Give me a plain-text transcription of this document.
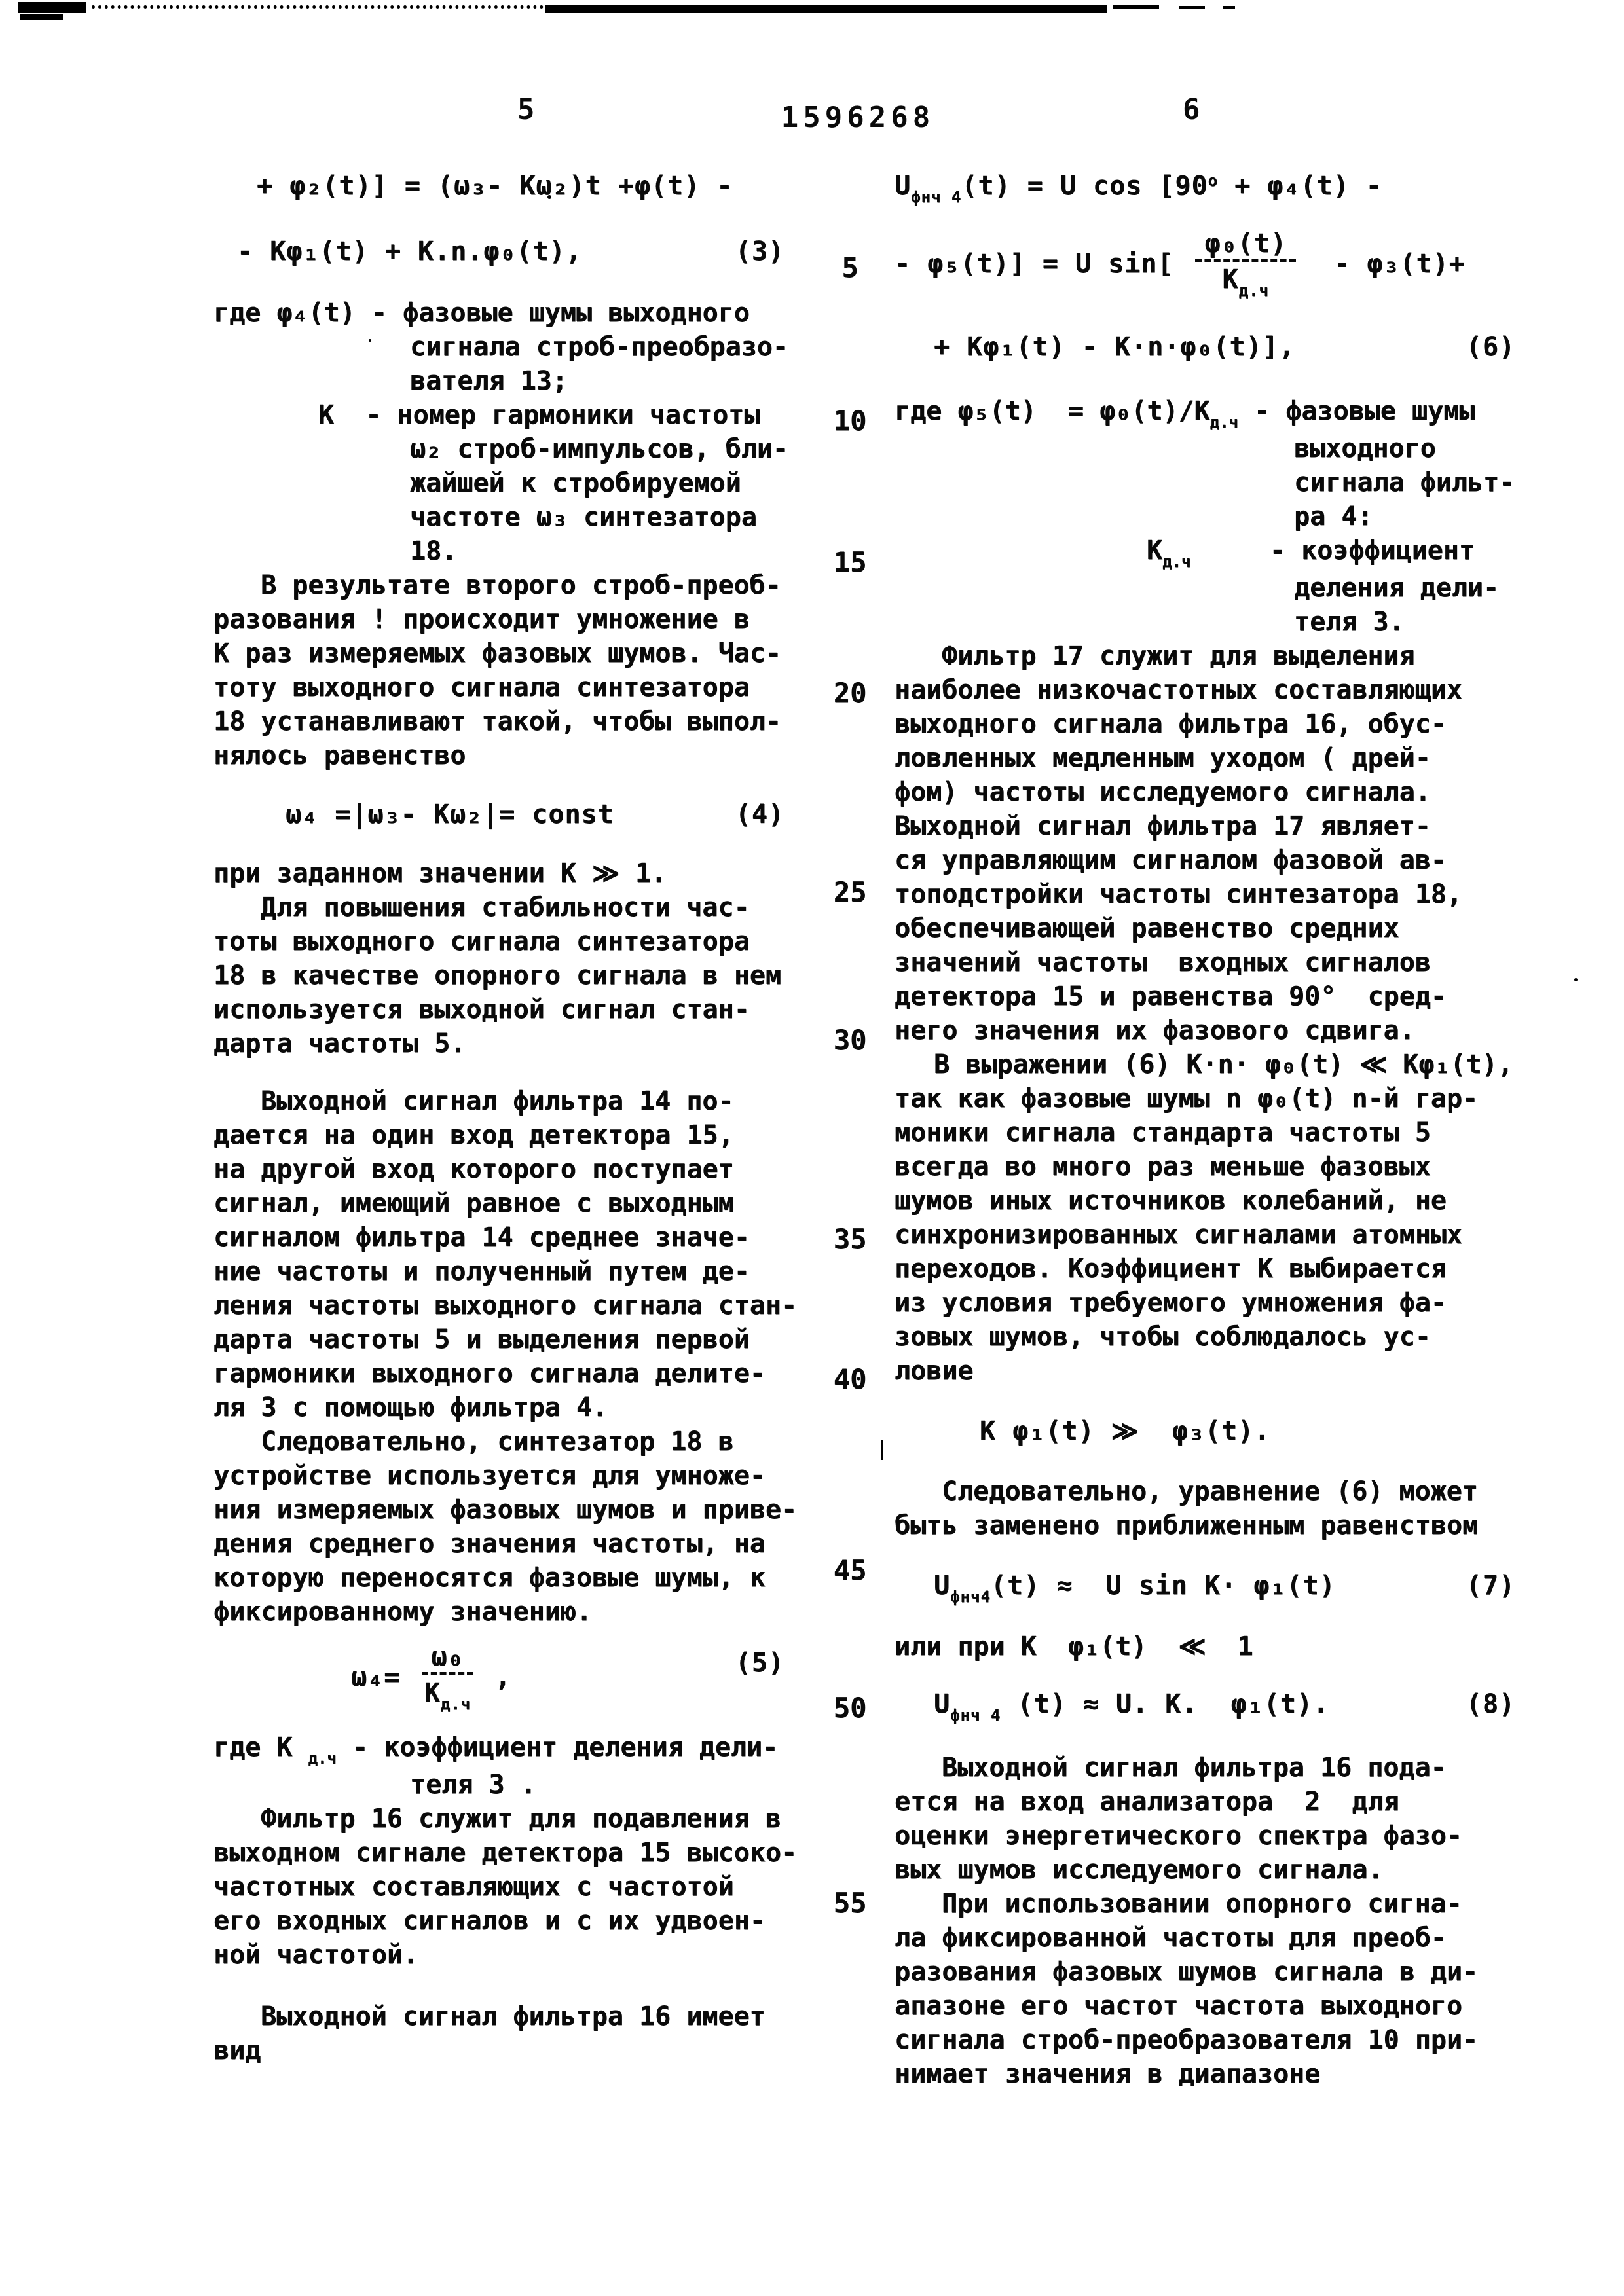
5	1596268	6
5
10
15
20
25
30
35
40
45
50
55
+ φ₂(t)] = (ω₃- Кω₂)t +φ(t) -
- Кφ₁(t) + К.n.φ₀(t),	(3)
где φ₄(t) - фазовые шумы выходного
сигнала строб-преобразо-
вателя 13;
К  - номер гармоники частоты
ω₂ строб-импульсов, бли-
жайшей к стробируемой
частоте ω₃ синтезатора
18.
В результате второго строб-преоб-
разования ! происходит умножение в
К раз измеряемых фазовых шумов. Час-
тоту выходного сигнала синтезатора
18 устанавливают такой, чтобы выпол-
нялось равенство
ω₄ =|ω₃- Кω₂|= const	(4)
при заданном значении К ≫ 1.
Для повышения стабильности час-
тоты выходного сигнала синтезатора
18 в качестве опорного сигнала в нем
используется выходной сигнал стан-
дарта частоты 5.
Выходной сигнал фильтра 14 по-
дается на один вход детектора 15,
на другой вход которого поступает
сигнал, имеющий равное с выходным
сигналом фильтра 14 среднее значе-
ние частоты и полученный путем де-
ления частоты выходного сигнала стан-
дарта частоты 5 и выделения первой
гармоники выходного сигнала делите-
ля 3 с помощью фильтра 4.
Следовательно, синтезатор 18 в
устройстве используется для умноже-
ния измеряемых фазовых шумов и приве-
дения среднего значения частоты, на
которую переносятся фазовые шумы, к
фиксированному значению.
$\omega_4= \frac{\text{ω₀}}{К_{д.ч}}$ ,	(5)
где К $_{д.ч}$ - коэффициент деления дели-
теля 3 .
Фильтр 16 служит для подавления в
выходном сигнале детектора 15 высоко-
частотных составляющих с частотой
его входных сигналов и с их удвоен-
ной частотой.
Выходной сигнал фильтра 16 имеет
вид
$U_{фнч 4}(t) = U$ $\cos [90^о + \varphi_4(t)$ -
- φ₅(t)] = U $\sin[ \frac{\text{φ₀(t)}}{К_{д.ч}} - \varphi_3(t)+$
+ Кφ₁(t) - К·n·φ₀(t)],	(6)
где $\varphi_5(t) = \varphi_0(t)/К_{д.ч}$ - фазовые шумы
выходного
сигнала фильт-
ра 4:
$К_{д.ч}$     - коэффициент
деления дели-
теля 3.
Фильтр 17 служит для выделения
наиболее низкочастотных составляющих
выходного сигнала фильтра 16, обус-
ловленных медленным уходом ( дрей-
фом) частоты исследуемого сигнала.
Выходной сигнал фильтра 17 являет-
ся управляющим сигналом фазовой ав-
топодстройки частоты синтезатора 18,
обеспечивающей равенство средних
значений частоты  входных сигналов
детектора 15 и равенства 90°  сред-
него значения их фазового сдвига.
В выражении (6) К·n· φ₀(t) ≪ Кφ₁(t),
так как фазовые шумы n φ₀(t) n-й гар-
моники сигнала стандарта частоты 5
всегда во много раз меньше фазовых
шумов иных источников колебаний, не
синхронизированных сигналами атомных
переходов. Коэффициент К выбирается
из условия требуемого умножения фа-
зовых шумов, чтобы соблюдалось ус-
ловие
К φ₁(t) ≫  φ₃(t).
Следовательно, уравнение (6) может
быть заменено приближенным равенством
$U_{фнч4}(t) \approx U$ sin К· φ₁(t)	(7)
или при К  φ₁(t)  ≪  1
$U_{фнч 4}$ (t) ≈ U. К.  φ₁(t).	(8)
Выходной сигнал фильтра 16 пода-
ется на вход анализатора  2  для
оценки энергетического спектра фазо-
вых шумов исследуемого сигнала.
При использовании опорного сигна-
ла фиксированной частоты для преоб-
разования фазовых шумов сигнала в ди-
апазоне его частот частота выходного
сигнала строб-преобразователя 10 при-
нимает значения в диапазоне
